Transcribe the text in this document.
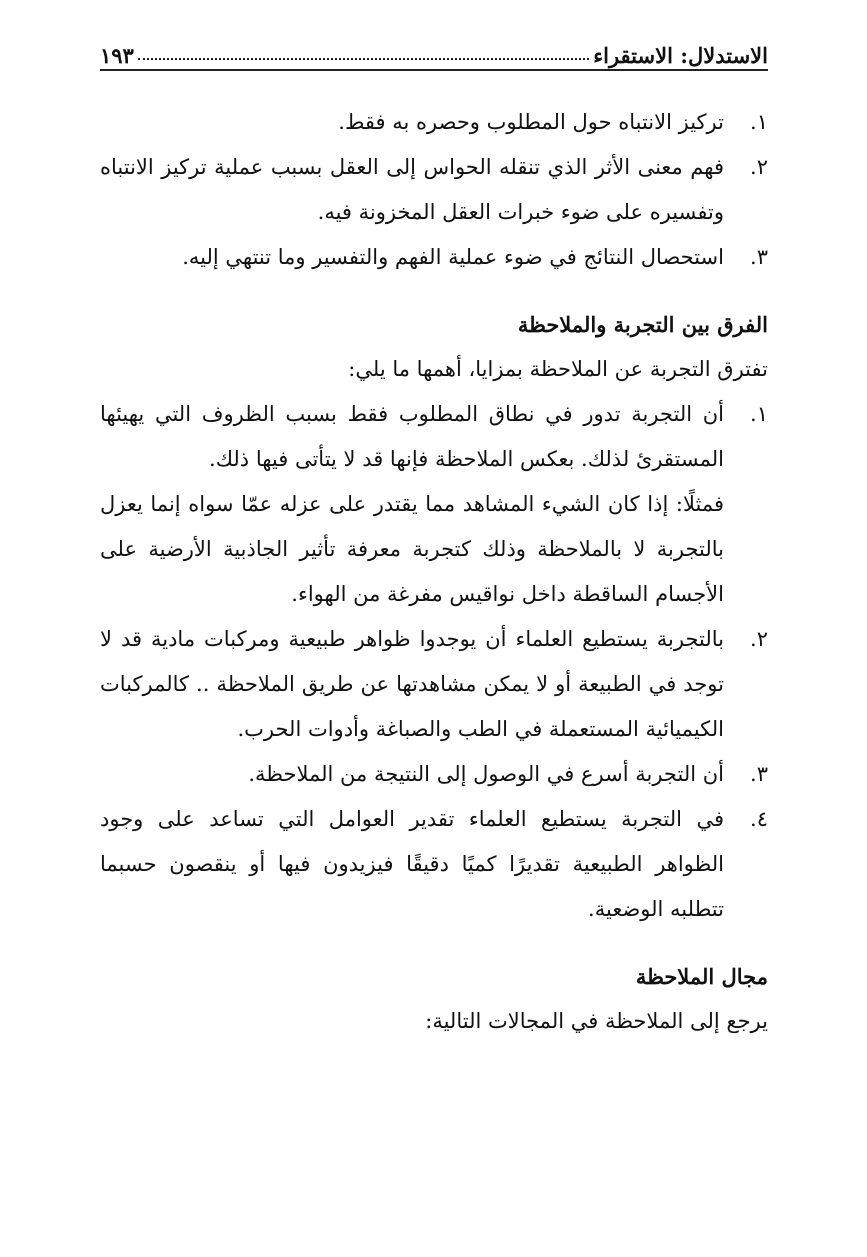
الاستدلال: الاستقراء
١٩٣
١.
تركيز الانتباه حول المطلوب وحصره به فقط.
٢.
فهم معنى الأثر الذي تنقله الحواس إلى العقل بسبب عملية تركيز الانتباه وتفسيره على ضوء خبرات العقل المخزونة فيه.
٣.
استحصال النتائج في ضوء عملية الفهم والتفسير وما تنتهي إليه.
الفرق بين التجربة والملاحظة
تفترق التجربة عن الملاحظة بمزايا، أهمها ما يلي:
١.
أن التجربة تدور في نطاق المطلوب فقط بسبب الظروف التي يهيئها المستقرئ لذلك. بعكس الملاحظة فإنها قد لا يتأتى فيها ذلك.
فمثلًا: إذا كان الشيء المشاهد مما يقتدر على عزله عمّا سواه إنما يعزل بالتجربة لا بالملاحظة وذلك كتجربة معرفة تأثير الجاذبية الأرضية على الأجسام الساقطة داخل نواقيس مفرغة من الهواء.
٢.
بالتجربة يستطيع العلماء أن يوجدوا ظواهر طبيعية ومركبات مادية قد لا توجد في الطبيعة أو لا يمكن مشاهدتها عن طريق الملاحظة .. كالمركبات الكيميائية المستعملة في الطب والصباغة وأدوات الحرب.
٣.
أن التجربة أسرع في الوصول إلى النتيجة من الملاحظة.
٤.
في التجربة يستطيع العلماء تقدير العوامل التي تساعد على وجود الظواهر الطبيعية تقديرًا كميًا دقيقًا فيزيدون فيها أو ينقصون حسبما تتطلبه الوضعية.
مجال الملاحظة
يرجع إلى الملاحظة في المجالات التالية:
